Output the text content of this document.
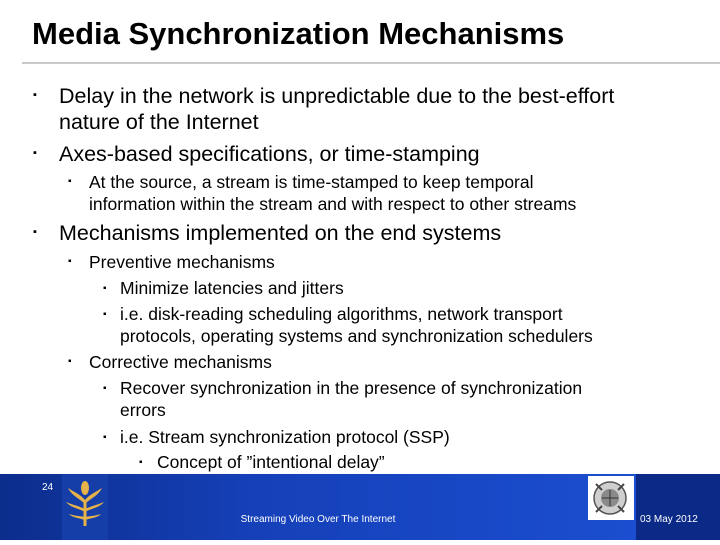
Media Synchronization Mechanisms
▪ Delay in the network is unpredictable due to the best-effort
nature of the Internet
▪ Axes-based specifications, or time-stamping
▪ At the source, a stream is time-stamped to keep temporal
information within the stream and with respect to other streams
▪ Mechanisms implemented on the end systems
▪ Preventive mechanisms
▪ Minimize latencies and jitters
▪ i.e. disk-reading scheduling algorithms, network transport
protocols, operating systems and synchronization schedulers
▪ Corrective mechanisms
▪ Recover synchronization in the presence of synchronization
errors
▪ i.e. Stream synchronization protocol (SSP)
▪ Concept of ”intentional delay”
24
Streaming Video Over The Internet	03 May 2012
